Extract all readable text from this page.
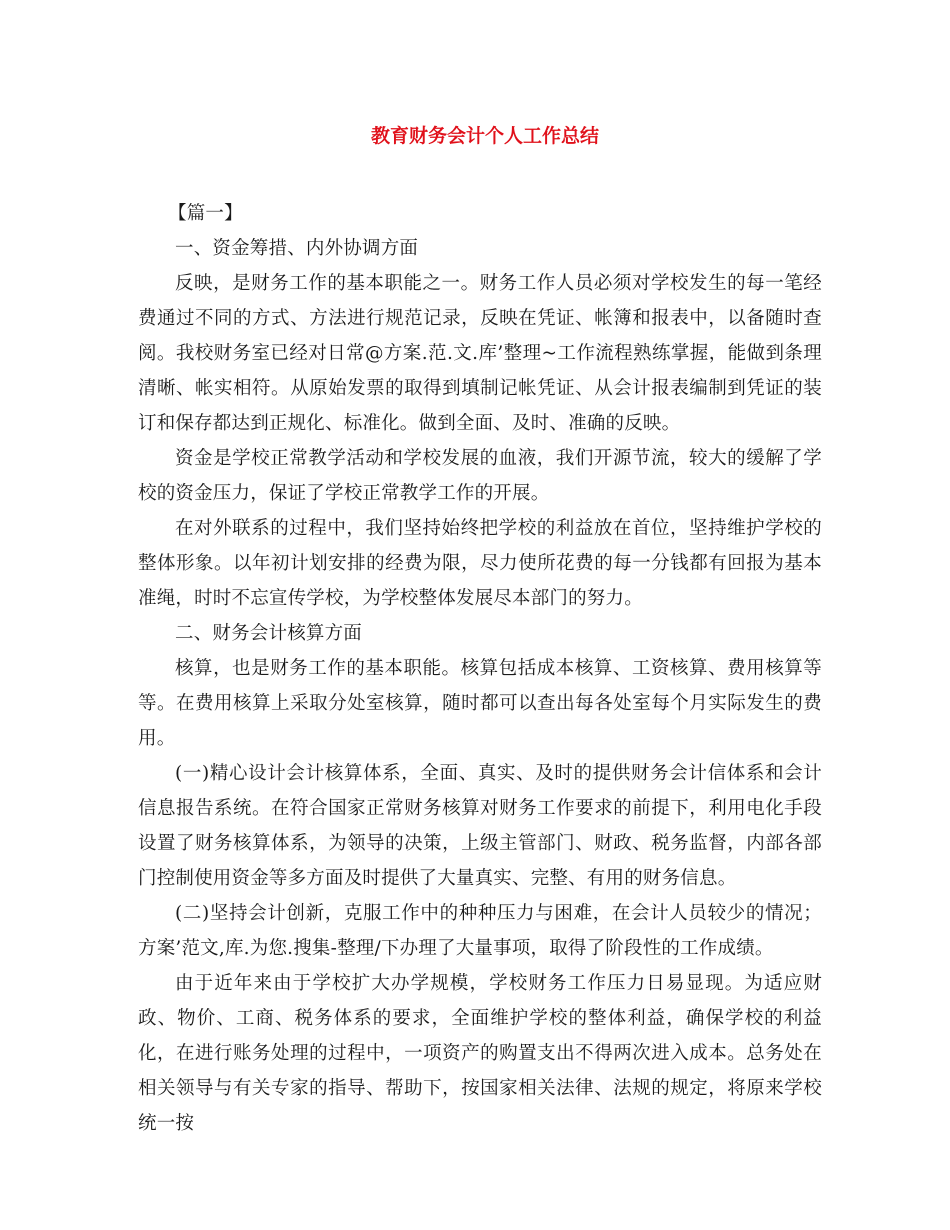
教育财务会计个人工作总结

【篇一】

一、资金筹措、内外协调方面

反映，是财务工作的基本职能之一。财务工作人员必须对学校发生的每一笔经费通过不同的方式、方法进行规范记录，反映在凭证、帐簿和报表中，以备随时查阅。我校财务室已经对日常@方案.范.文.库’整理~工作流程熟练掌握，能做到条理清晰、帐实相符。从原始发票的取得到填制记帐凭证、从会计报表编制到凭证的装订和保存都达到正规化、标准化。做到全面、及时、准确的反映。

资金是学校正常教学活动和学校发展的血液，我们开源节流，较大的缓解了学校的资金压力，保证了学校正常教学工作的开展。

在对外联系的过程中，我们坚持始终把学校的利益放在首位，坚持维护学校的整体形象。以年初计划安排的经费为限，尽力使所花费的每一分钱都有回报为基本准绳，时时不忘宣传学校，为学校整体发展尽本部门的努力。

二、财务会计核算方面

核算，也是财务工作的基本职能。核算包括成本核算、工资核算、费用核算等等。在费用核算上采取分处室核算，随时都可以查出每各处室每个月实际发生的费用。

(一)精心设计会计核算体系，全面、真实、及时的提供财务会计信体系和会计信息报告系统。在符合国家正常财务核算对财务工作要求的前提下，利用电化手段设置了财务核算体系，为领导的决策，上级主管部门、财政、税务监督，内部各部门控制使用资金等多方面及时提供了大量真实、完整、有用的财务信息。

(二)坚持会计创新，克服工作中的种种压力与困难，在会计人员较少的情况；方案’范文,库.为您.搜集-整理/下办理了大量事项，取得了阶段性的工作成绩。

由于近年来由于学校扩大办学规模，学校财务工作压力日易显现。为适应财政、物价、工商、税务体系的要求，全面维护学校的整体利益，确保学校的利益化，在进行账务处理的过程中，一项资产的购置支出不得两次进入成本。总务处在相关领导与有关专家的指导、帮助下，按国家相关法律、法规的规定，将原来学校统一按
